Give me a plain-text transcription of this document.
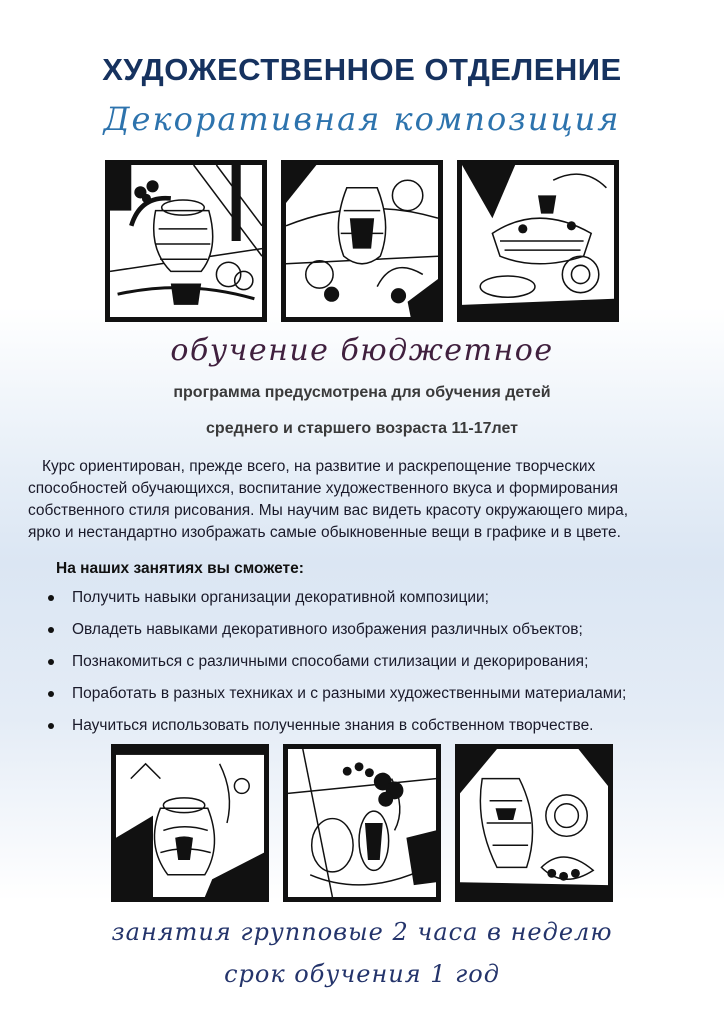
ХУДОЖЕСТВЕННОЕ ОТДЕЛЕНИЕ
Декоративная композиция
обучение бюджетное
программа предусмотрена для обучения детей
среднего и старшего возраста 11-17лет
Курс ориентирован, прежде всего, на развитие и раскрепощение творческих
способностей обучающихся, воспитание художественного вкуса и формирования
собственного стиля рисования. Мы научим вас видеть красоту окружающего мира,
ярко и нестандартно изображать самые обыкновенные вещи в графике и в цвете.
На наших занятиях вы сможете:
Получить навыки организации декоративной композиции;
Овладеть навыками декоративного изображения различных объектов;
Познакомиться с различными способами стилизации и декорирования;
Поработать в разных техниках и с разными художественными материалами;
Научиться использовать полученные знания в собственном творчестве.
занятия групповые 2 часа в неделю
срок обучения 1 год
